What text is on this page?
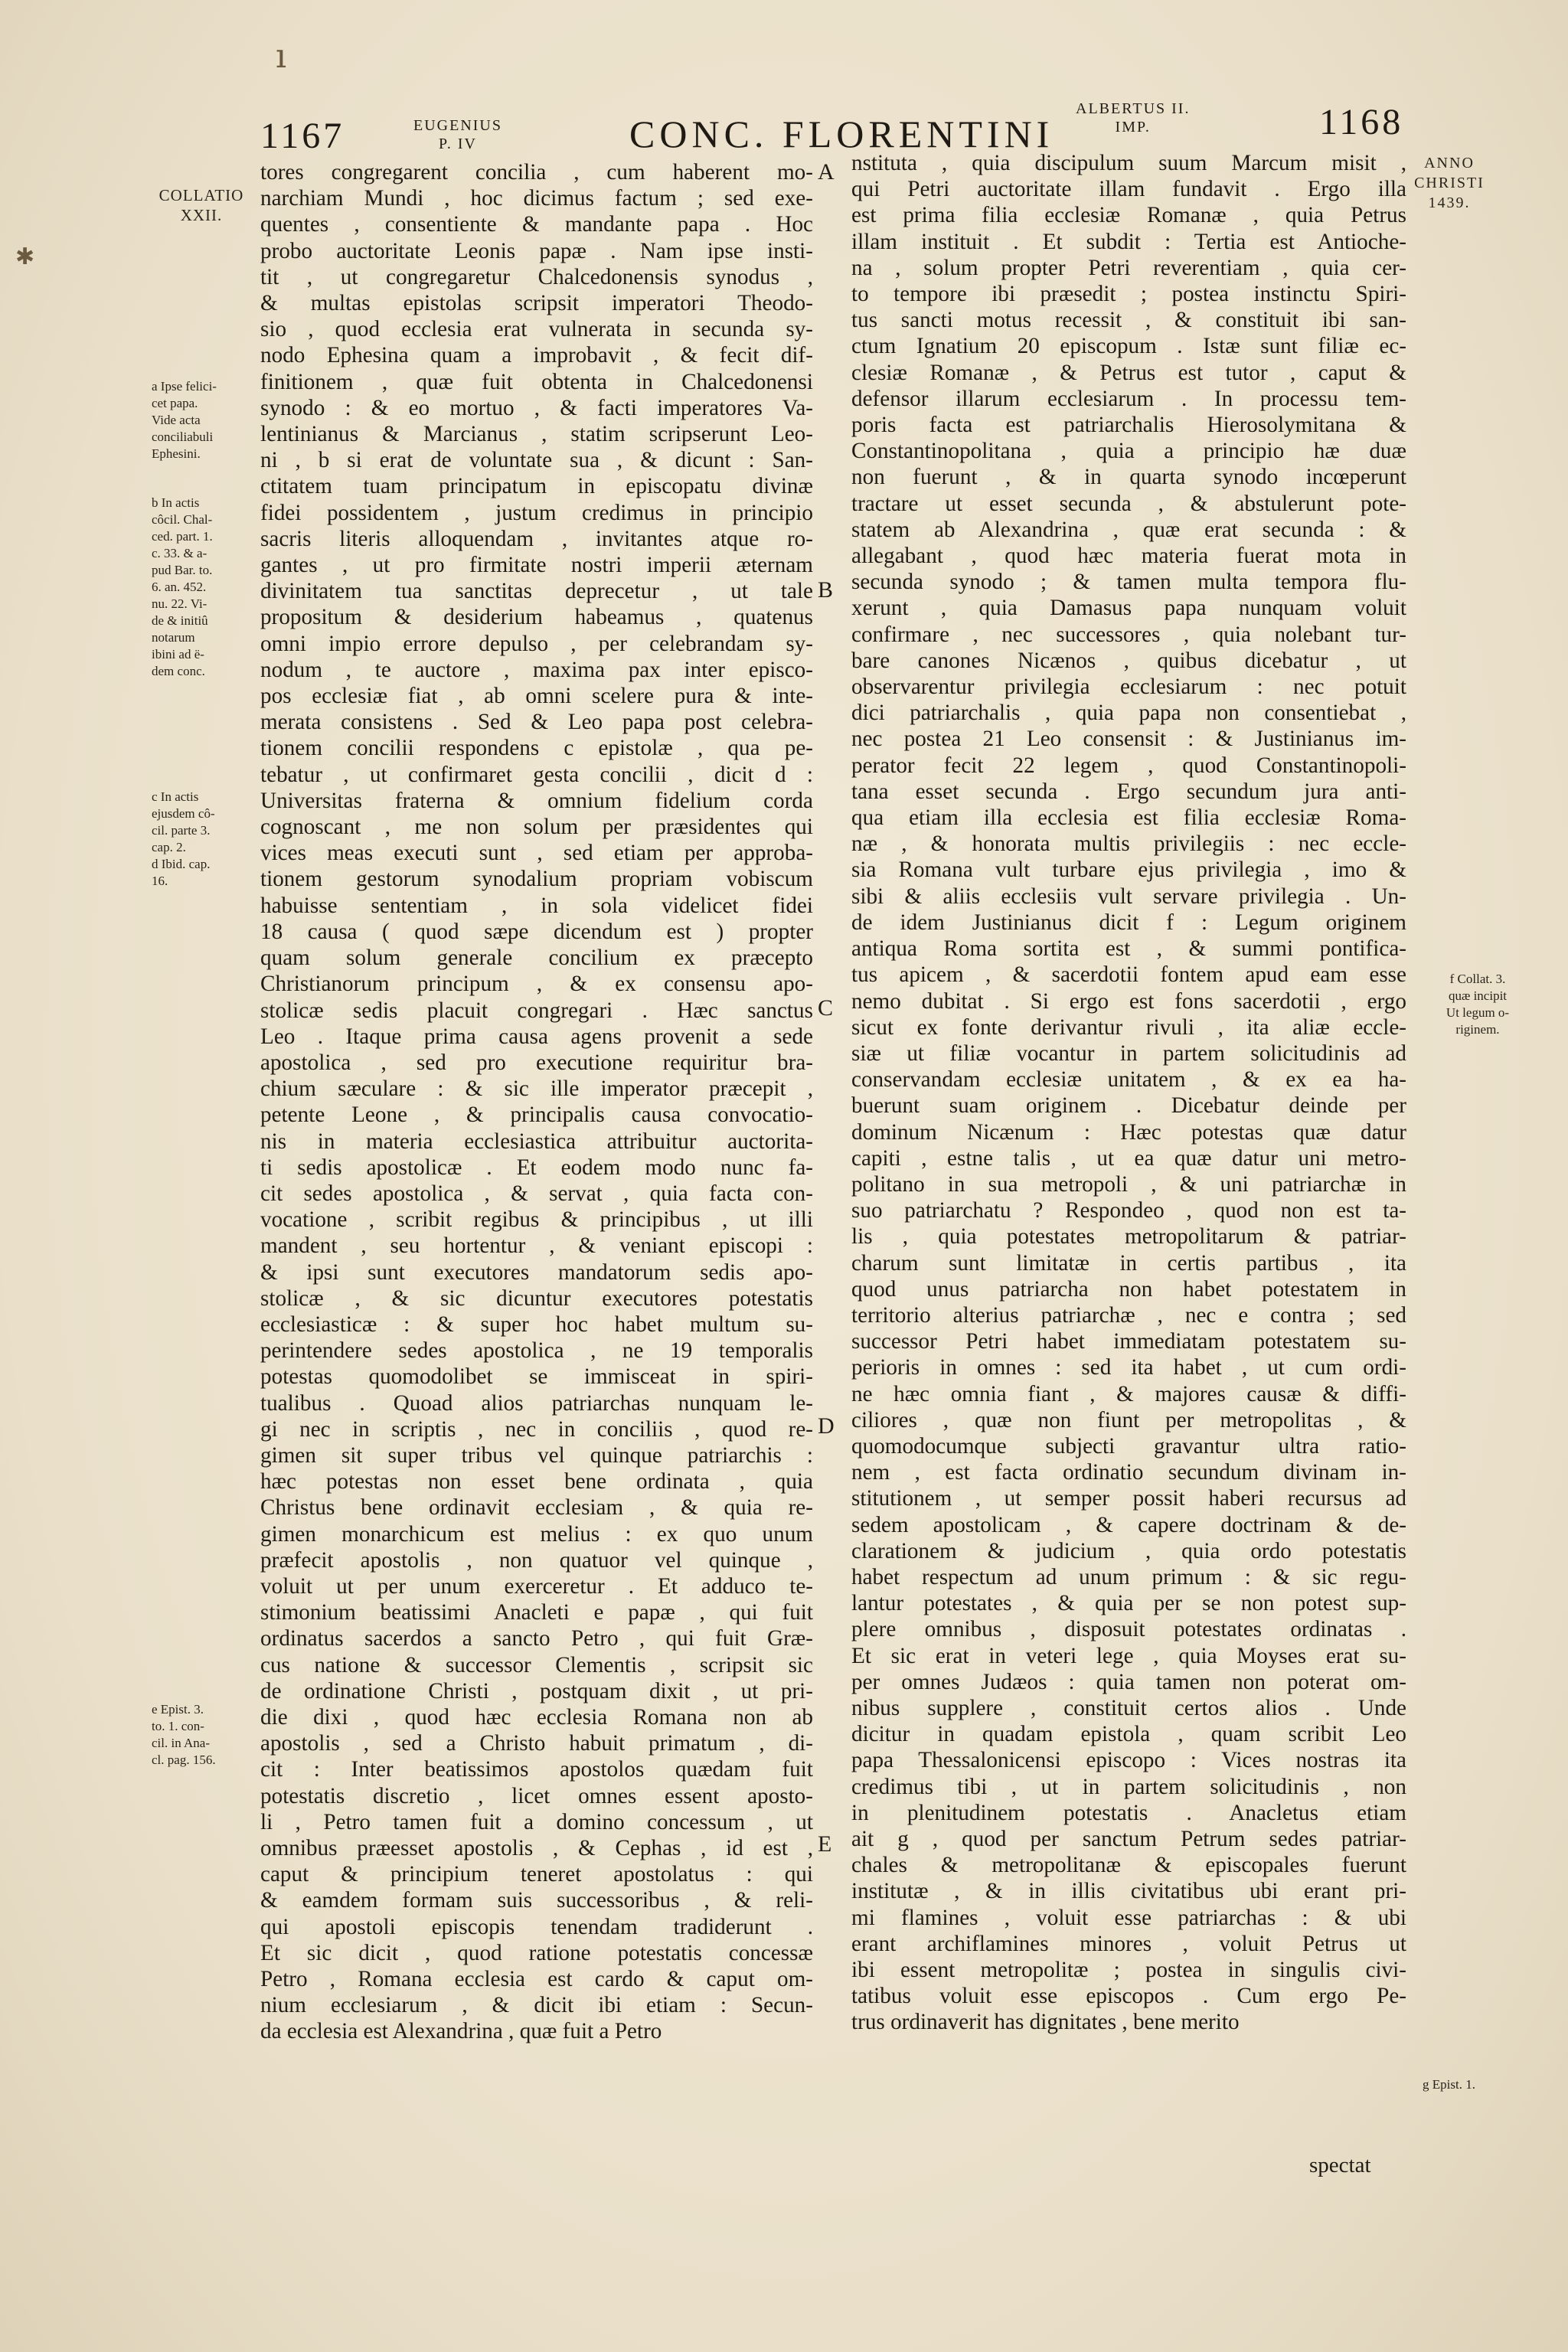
ı
✱
1167	EUGENIUS
P. IV	CONC. FLORENTINI
ALBERTUS II.
IMP.	1168
COLLATIO
XXII.
ANNO
CHRISTI
1439.
a Ipse felici-
cet papa.
Vide acta
conciliabuli
Ephesini.
b In actis
côcil. Chal-
ced. part. 1.
c. 33. & a-
pud Bar. to.
6. an. 452.
nu. 22. Vi-
de & initiû
notarum
ibini ad ë-
dem conc.
c In actis
ejusdem cô-
cil. parte 3.
cap. 2.
d Ibid. cap.
16.
e Epist. 3.
to. 1. con-
cil. in Ana-
cl. pag. 156.
f Collat. 3.
quæ incipit
Ut legum o-
riginem.
g Epist. 1.
A
B
C
D
E
tores congregarent concilia , cum haberent mo-
narchiam Mundi , hoc dicimus factum ; sed exe-
quentes , consentiente & mandante papa . Hoc
probo auctoritate Leonis papæ . Nam ipse insti-
tit , ut congregaretur Chalcedonensis synodus ,
& multas epistolas scripsit imperatori Theodo-
sio , quod ecclesia erat vulnerata in secunda sy-
nodo Ephesina quam a improbavit , & fecit dif-
finitionem , quæ fuit obtenta in Chalcedonensi
synodo : & eo mortuo , & facti imperatores Va-
lentinianus & Marcianus , statim scripserunt Leo-
ni , b si erat de voluntate sua , & dicunt : San-
ctitatem tuam principatum in episcopatu divinæ
fidei possidentem , justum credimus in principio
sacris literis alloquendam , invitantes atque ro-
gantes , ut pro firmitate nostri imperii æternam
divinitatem tua sanctitas deprecetur , ut tale
propositum & desiderium habeamus , quatenus
omni impio errore depulso , per celebrandam sy-
nodum , te auctore , maxima pax inter episco-
pos ecclesiæ fiat , ab omni scelere pura & inte-
merata consistens . Sed & Leo papa post celebra-
tionem concilii respondens c epistolæ , qua pe-
tebatur , ut confirmaret gesta concilii , dicit d :
Universitas fraterna & omnium fidelium corda
cognoscant , me non solum per præsidentes qui
vices meas executi sunt , sed etiam per approba-
tionem gestorum synodalium propriam vobiscum
habuisse sententiam , in sola videlicet fidei
18 causa ( quod sæpe dicendum est ) propter
quam solum generale concilium ex præcepto
Christianorum principum , & ex consensu apo-
stolicæ sedis placuit congregari . Hæc sanctus
Leo . Itaque prima causa agens provenit a sede
apostolica , sed pro executione requiritur bra-
chium sæculare : & sic ille imperator præcepit ,
petente Leone , & principalis causa convocatio-
nis in materia ecclesiastica attribuitur auctorita-
ti sedis apostolicæ . Et eodem modo nunc fa-
cit sedes apostolica , & servat , quia facta con-
vocatione , scribit regibus & principibus , ut illi
mandent , seu hortentur , & veniant episcopi :
& ipsi sunt executores mandatorum sedis apo-
stolicæ , & sic dicuntur executores potestatis
ecclesiasticæ : & super hoc habet multum su-
perintendere sedes apostolica , ne 19 temporalis
potestas quomodolibet se immisceat in spiri-
tualibus . Quoad alios patriarchas nunquam le-
gi nec in scriptis , nec in conciliis , quod re-
gimen sit super tribus vel quinque patriarchis :
hæc potestas non esset bene ordinata , quia
Christus bene ordinavit ecclesiam , & quia re-
gimen monarchicum est melius : ex quo unum
præfecit apostolis , non quatuor vel quinque ,
voluit ut per unum exerceretur . Et adduco te-
stimonium beatissimi Anacleti e papæ , qui fuit
ordinatus sacerdos a sancto Petro , qui fuit Græ-
cus natione & successor Clementis , scripsit sic
de ordinatione Christi , postquam dixit , ut pri-
die dixi , quod hæc ecclesia Romana non ab
apostolis , sed a Christo habuit primatum , di-
cit : Inter beatissimos apostolos quædam fuit
potestatis discretio , licet omnes essent aposto-
li , Petro tamen fuit a domino concessum , ut
omnibus præesset apostolis , & Cephas , id est ,
caput & principium teneret apostolatus : qui
& eamdem formam suis successoribus , & reli-
qui apostoli episcopis tenendam tradiderunt .
Et sic dicit , quod ratione potestatis concessæ
Petro , Romana ecclesia est cardo & caput om-
nium ecclesiarum , & dicit ibi etiam : Secun-
da ecclesia est Alexandrina , quæ fuit a Petro
nstituta , quia discipulum suum Marcum misit ,
qui Petri auctoritate illam fundavit . Ergo illa
est prima filia ecclesiæ Romanæ , quia Petrus
illam instituit . Et subdit : Tertia est Antioche-
na , solum propter Petri reverentiam , quia cer-
to tempore ibi præsedit ; postea instinctu Spiri-
tus sancti motus recessit , & constituit ibi san-
ctum Ignatium 20 episcopum . Istæ sunt filiæ ec-
clesiæ Romanæ , & Petrus est tutor , caput &
defensor illarum ecclesiarum . In processu tem-
poris facta est patriarchalis Hierosolymitana &
Constantinopolitana , quia a principio hæ duæ
non fuerunt , & in quarta synodo incœperunt
tractare ut esset secunda , & abstulerunt pote-
statem ab Alexandrina , quæ erat secunda : &
allegabant , quod hæc materia fuerat mota in
secunda synodo ; & tamen multa tempora flu-
xerunt , quia Damasus papa nunquam voluit
confirmare , nec successores , quia nolebant tur-
bare canones Nicænos , quibus dicebatur , ut
observarentur privilegia ecclesiarum : nec potuit
dici patriarchalis , quia papa non consentiebat ,
nec postea 21 Leo consensit : & Justinianus im-
perator fecit 22 legem , quod Constantinopoli-
tana esset secunda . Ergo secundum jura anti-
qua etiam illa ecclesia est filia ecclesiæ Roma-
næ , & honorata multis privilegiis : nec eccle-
sia Romana vult turbare ejus privilegia , imo &
sibi & aliis ecclesiis vult servare privilegia . Un-
de idem Justinianus dicit f : Legum originem
antiqua Roma sortita est , & summi pontifica-
tus apicem , & sacerdotii fontem apud eam esse
nemo dubitat . Si ergo est fons sacerdotii , ergo
sicut ex fonte derivantur rivuli , ita aliæ eccle-
siæ ut filiæ vocantur in partem solicitudinis ad
conservandam ecclesiæ unitatem , & ex ea ha-
buerunt suam originem . Dicebatur deinde per
dominum Nicænum : Hæc potestas quæ datur
capiti , estne talis , ut ea quæ datur uni metro-
politano in sua metropoli , & uni patriarchæ in
suo patriarchatu ? Respondeo , quod non est ta-
lis , quia potestates metropolitarum & patriar-
charum sunt limitatæ in certis partibus , ita
quod unus patriarcha non habet potestatem in
territorio alterius patriarchæ , nec e contra ; sed
successor Petri habet immediatam potestatem su-
perioris in omnes : sed ita habet , ut cum ordi-
ne hæc omnia fiant , & majores causæ & diffi-
ciliores , quæ non fiunt per metropolitas , &
quomodocumque subjecti gravantur ultra ratio-
nem , est facta ordinatio secundum divinam in-
stitutionem , ut semper possit haberi recursus ad
sedem apostolicam , & capere doctrinam & de-
clarationem & judicium , quia ordo potestatis
habet respectum ad unum primum : & sic regu-
lantur potestates , & quia per se non potest sup-
plere omnibus , disposuit potestates ordinatas .
Et sic erat in veteri lege , quia Moyses erat su-
per omnes Judæos : quia tamen non poterat om-
nibus supplere , constituit certos alios . Unde
dicitur in quadam epistola , quam scribit Leo
papa Thessalonicensi episcopo : Vices nostras ita
credimus tibi , ut in partem solicitudinis , non
in plenitudinem potestatis . Anacletus etiam
ait g , quod per sanctum Petrum sedes patriar-
chales & metropolitanæ & episcopales fuerunt
institutæ , & in illis civitatibus ubi erant pri-
mi flamines , voluit esse patriarchas : & ubi
erant archiflamines minores , voluit Petrus ut
ibi essent metropolitæ ; postea in singulis civi-
tatibus voluit esse episcopos . Cum ergo Pe-
trus ordinaverit has dignitates , bene merito
spectat
